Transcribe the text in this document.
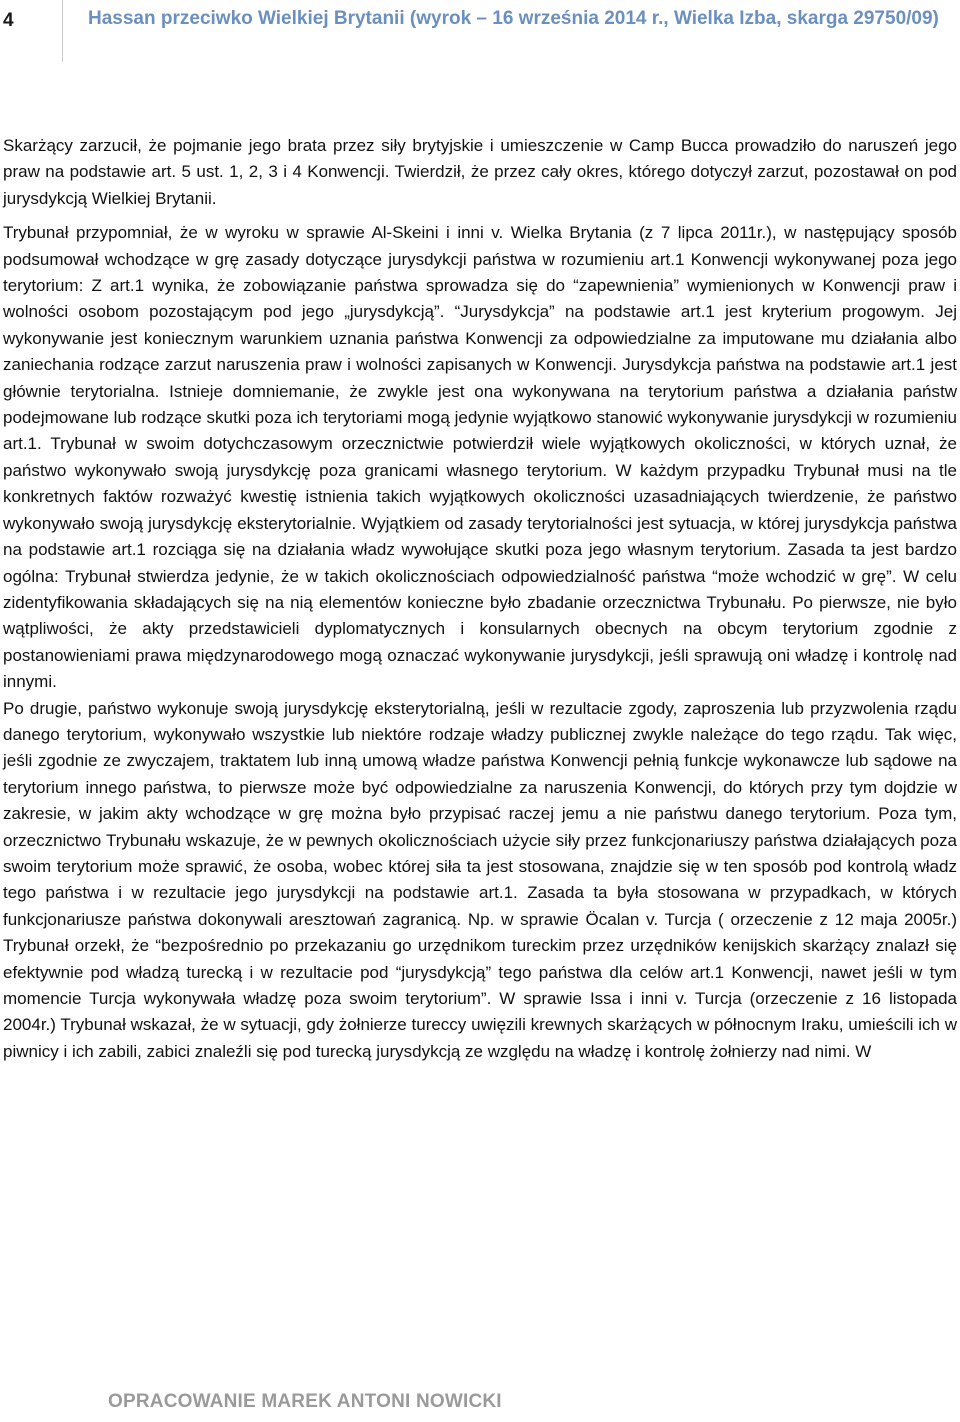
4	Hassan przeciwko Wielkiej Brytanii (wyrok – 16 września 2014 r., Wielka Izba, skarga 29750/09)

Skarżący zarzucił, że pojmanie jego brata przez siły brytyjskie i umieszczenie w Camp Bucca prowadziło do naruszeń jego praw na podstawie art. 5 ust. 1, 2, 3 i 4 Konwencji. Twierdził, że przez cały okres, którego dotyczył zarzut, pozostawał on pod jurysdykcją Wielkiej Brytanii.

Trybunał przypomniał, że w wyroku w sprawie Al-Skeini i inni v. Wielka Brytania (z 7 lipca 2011r.), w następujący sposób podsumował wchodzące w grę zasady dotyczące jurysdykcji państwa w rozumieniu art.1 Konwencji wykonywanej poza jego terytorium: Z art.1 wynika, że zobowiązanie państwa sprowadza się do “zapewnienia” wymienionych w Konwencji praw i wolności osobom pozostającym pod jego „jurysdykcją”. “Jurysdykcja” na podstawie art.1 jest kryterium progowym. Jej wykonywanie jest koniecznym warunkiem uznania państwa Konwencji za odpowiedzialne za imputowane mu działania albo zaniechania rodzące zarzut naruszenia praw i wolności zapisanych w Konwencji. Jurysdykcja państwa na podstawie art.1 jest głównie terytorialna. Istnieje domniemanie, że zwykle jest ona wykonywana na terytorium państwa a działania państw podejmowane lub rodzące skutki poza ich terytoriami mogą jedynie wyjątkowo stanowić wykonywanie jurysdykcji w rozumieniu art.1. Trybunał w swoim dotychczasowym orzecznictwie potwierdził wiele wyjątkowych okoliczności, w których uznał, że państwo wykonywało swoją jurysdykcję poza granicami własnego terytorium. W każdym przypadku Trybunał musi na tle konkretnych faktów rozważyć kwestię istnienia takich wyjątkowych okoliczności uzasadniających twierdzenie, że państwo wykonywało swoją jurysdykcję eksterytorialnie. Wyjątkiem od zasady terytorialności jest sytuacja, w której jurysdykcja państwa na podstawie art.1 rozciąga się na działania władz wywołujące skutki poza jego własnym terytorium. Zasada ta jest bardzo ogólna: Trybunał stwierdza jedynie, że w takich okolicznościach odpowiedzialność państwa “może wchodzić w grę”. W celu zidentyfikowania składających się na nią elementów konieczne było zbadanie orzecznictwa Trybunału. Po pierwsze, nie było wątpliwości, że akty przedstawicieli dyplomatycznych i konsularnych obecnych na obcym terytorium zgodnie z postanowieniami prawa międzynarodowego mogą oznaczać wykonywanie jurysdykcji, jeśli sprawują oni władzę i kontrolę nad innymi.

Po drugie, państwo wykonuje swoją jurysdykcję eksterytorialną, jeśli w rezultacie zgody, zaproszenia lub przyzwolenia rządu danego terytorium, wykonywało wszystkie lub niektóre rodzaje władzy publicznej zwykle należące do tego rządu. Tak więc, jeśli zgodnie ze zwyczajem, traktatem lub inną umową władze państwa Konwencji pełnią funkcje wykonawcze lub sądowe na terytorium innego państwa, to pierwsze może być odpowiedzialne za naruszenia Konwencji, do których przy tym dojdzie w zakresie, w jakim akty wchodzące w grę można było przypisać raczej jemu a nie państwu danego terytorium. Poza tym, orzecznictwo Trybunału wskazuje, że w pewnych okolicznościach użycie siły przez funkcjonariuszy państwa działających poza swoim terytorium może sprawić, że osoba, wobec której siła ta jest stosowana, znajdzie się w ten sposób pod kontrolą władz tego państwa i w rezultacie jego jurysdykcji na podstawie art.1. Zasada ta była stosowana w przypadkach, w których funkcjonariusze państwa dokonywali aresztowań zagranicą. Np. w sprawie Öcalan v. Turcja ( orzeczenie z 12 maja 2005r.) Trybunał orzekł, że “bezpośrednio po przekazaniu go urzędnikom tureckim przez urzędników kenijskich skarżący znalazł się efektywnie pod władzą turecką i w rezultacie pod “jurysdykcją” tego państwa dla celów art.1 Konwencji, nawet jeśli w tym momencie Turcja wykonywała władzę poza swoim terytorium”. W sprawie Issa i inni v. Turcja (orzeczenie z 16 listopada 2004r.) Trybunał wskazał, że w sytuacji, gdy żołnierze tureccy uwięzili krewnych skarżących w północnym Iraku, umieścili ich w piwnicy i ich zabili, zabici znaleźli się pod turecką jurysdykcją ze względu na władzę i kontrolę żołnierzy nad nimi. W

OPRACOWANIE MAREK ANTONI NOWICKI
